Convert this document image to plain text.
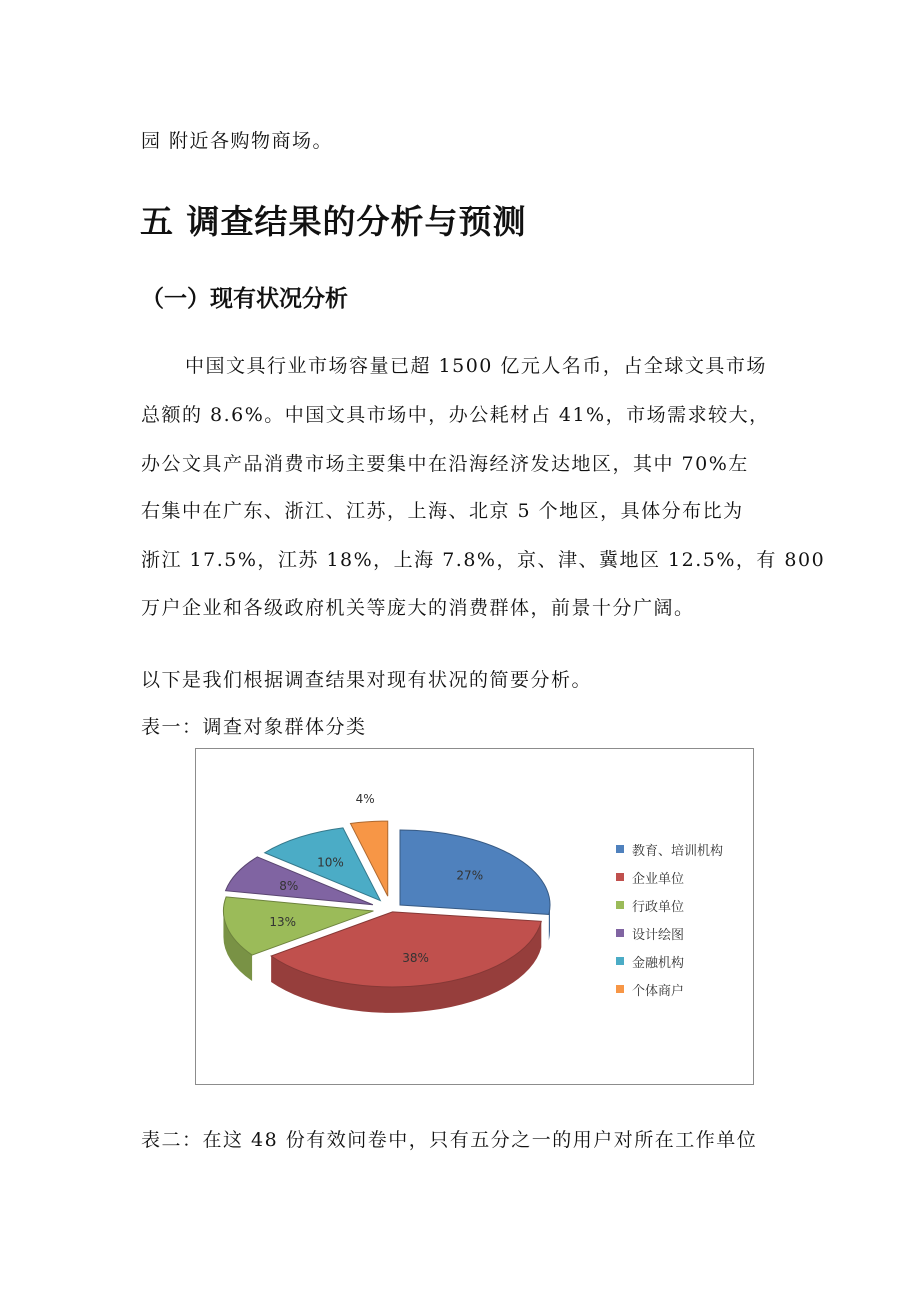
园 附近各购物商场。
五 调查结果的分析与预测
（一）现有状况分析
中国文具行业市场容量已超 1500 亿元人名币，占全球文具市场
总额的 8.6%。中国文具市场中，办公耗材占 41%，市场需求较大，
办公文具产品消费市场主要集中在沿海经济发达地区，其中 70%左
右集中在广东、浙江、江苏，上海、北京 5 个地区，具体分布比为
浙江 17.5%，江苏 18%，上海 7.8%，京、津、冀地区 12.5%，有 800
万户企业和各级政府机关等庞大的消费群体，前景十分广阔。
以下是我们根据调查结果对现有状况的简要分析。
表一：调查对象群体分类
27%
38%
13%
8%
10%
4%
教育、培训机构
企业单位
行政单位
设计绘图
金融机构
个体商户
表二：在这 48 份有效问卷中，只有五分之一的用户对所在工作单位
